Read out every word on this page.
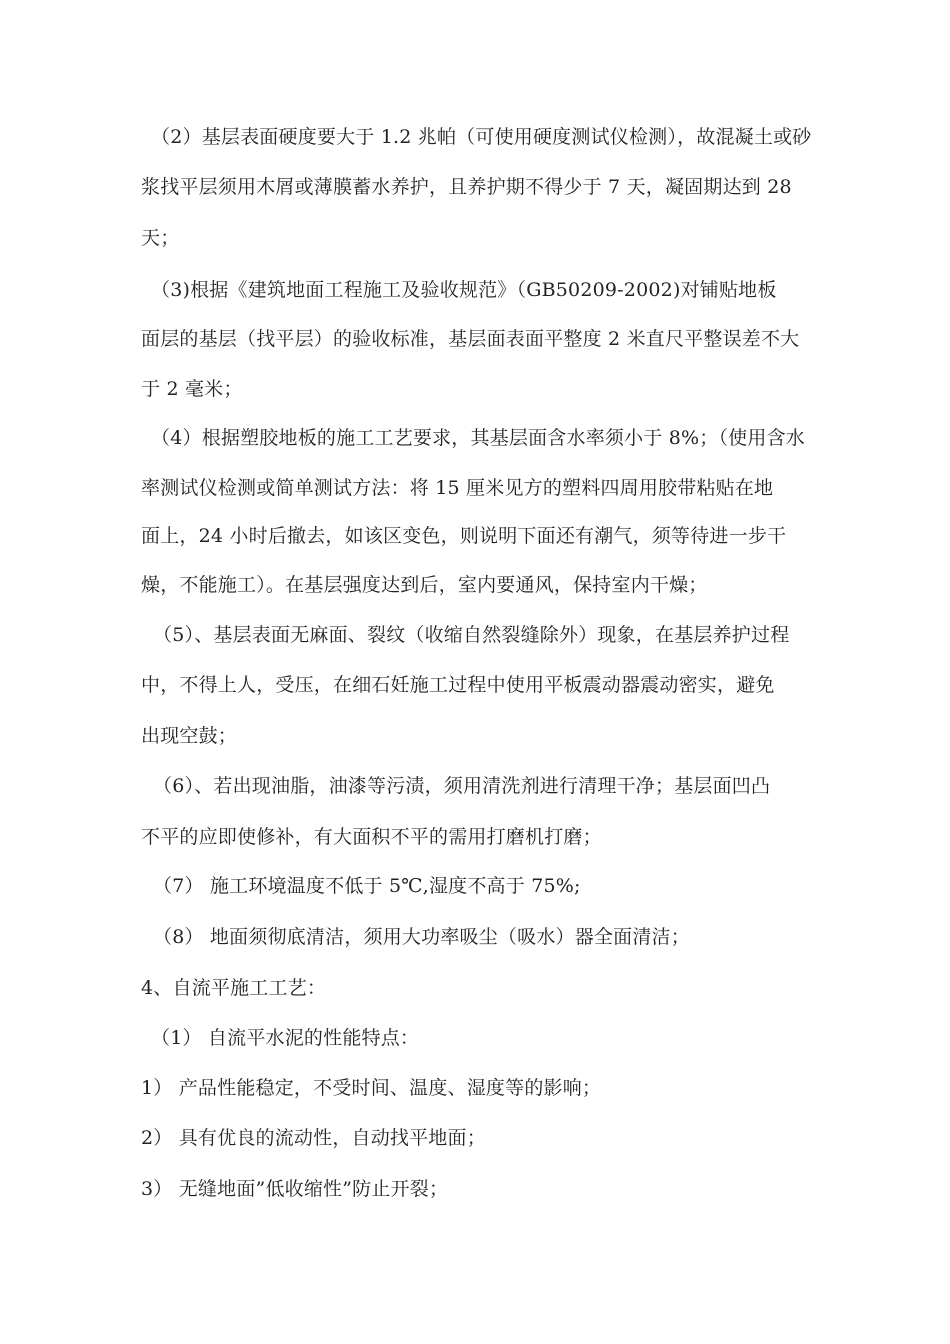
（2）基层表面硬度要大于 1.2 兆帕（可使用硬度测试仪检测），故混凝土或砂
浆找平层须用木屑或薄膜蓄水养护，且养护期不得少于 7 天，凝固期达到 28
天；
（3)根据《建筑地面工程施工及验收规范》（GB50209-2002)对铺贴地板
面层的基层（找平层）的验收标准，基层面表面平整度 2 米直尺平整误差不大
于 2 毫米；
（4）根据塑胶地板的施工工艺要求，其基层面含水率须小于 8%；（使用含水
率测试仪检测或简单测试方法：将 15 厘米见方的塑料四周用胶带粘贴在地
面上，24 小时后撤去，如该区变色，则说明下面还有潮气，须等待进一步干
燥，不能施工）。在基层强度达到后，室内要通风，保持室内干燥；
（5）、基层表面无麻面、裂纹（收缩自然裂缝除外）现象，在基层养护过程
中，不得上人，受压，在细石妊施工过程中使用平板震动器震动密实，避免
出现空鼓；
（6）、若出现油脂，油漆等污渍，须用清洗剂进行清理干净；基层面凹凸
不平的应即使修补，有大面积不平的需用打磨机打磨；
（7） 施工环境温度不低于 5℃,湿度不高于 75%;
（8） 地面须彻底清洁，须用大功率吸尘（吸水）器全面清洁；
4、自流平施工工艺：
（1） 自流平水泥的性能特点：
1） 产品性能稳定，不受时间、温度、湿度等的影响；
2） 具有优良的流动性，自动找平地面；
3） 无缝地面”低收缩性”防止开裂；
